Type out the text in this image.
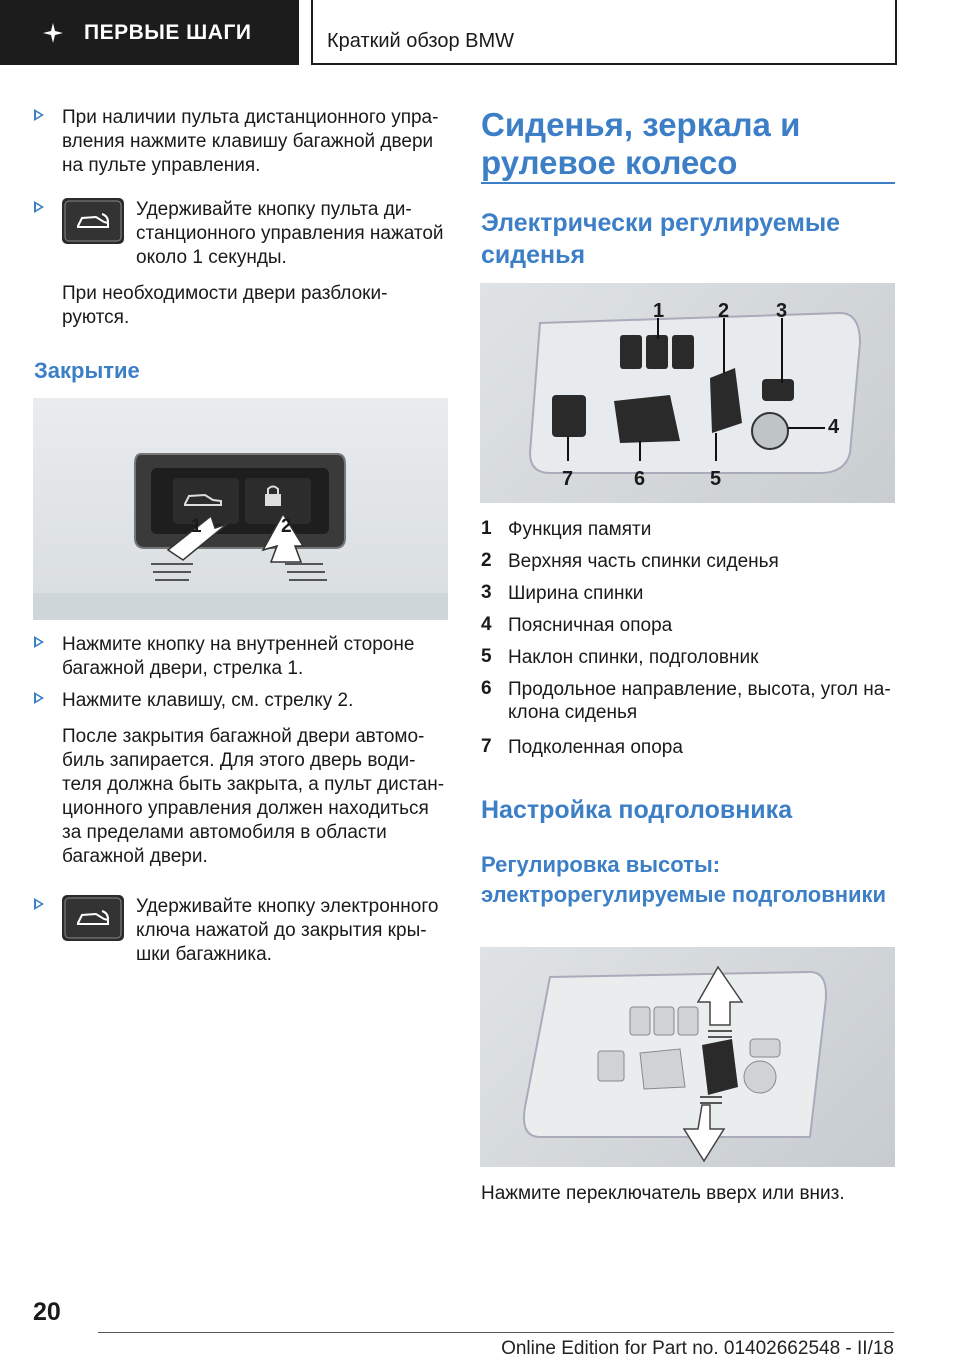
ПЕРВЫЕ ШАГИ	Краткий обзор BMW
При наличии пульта дистанционного управления нажмите клавишу багажной двери на пульте управления.
Удерживайте кнопку пульта дистанционного управления нажатой около 1 секунды.
При необходимости двери разблокируются.
Закрытие
1	2
Нажмите кнопку на внутренней стороне багажной двери, стрелка 1.
Нажмите клавишу, см. стрелку 2.
После закрытия багажной двери автомобиль запирается. Для этого дверь водителя должна быть закрыта, а пульт дистанционного управления должен находиться за пределами автомобиля в области багажной двери.
Удерживайте кнопку электронного ключа нажатой до закрытия крышки багажника.
Сиденья, зеркала и рулевое колесо
Электрически регулируемые сиденья
1	2 3
4
5
6
7
1 Функция памяти
2 Верхняя часть спинки сиденья
3 Ширина спинки
4 Поясничная опора
5 Наклон спинки, подголовник
6 Продольное направление, высота, угол наклона сиденья
7 Подколенная опора
Настройка подголовника
Регулировка высоты: электрорегулируемые подголовники
Нажмите переключатель вверх или вниз.
20
Online Edition for Part no. 01402662548 - II/18
